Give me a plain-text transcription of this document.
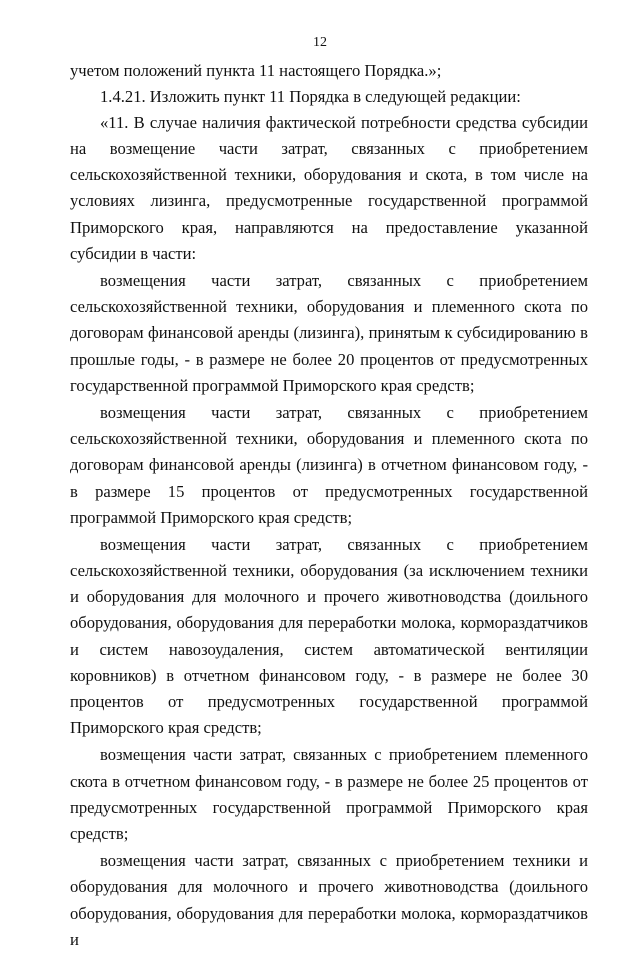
12

учетом положений пункта 11 настоящего Порядка.»;

1.4.21. Изложить пункт 11 Порядка в следующей редакции:

«11. В случае наличия фактической потребности средства субсидии на возмещение части затрат, связанных с приобретением сельскохозяйственной техники, оборудования и скота, в том числе на условиях лизинга, предусмотренные государственной программой Приморского края, направляются на предоставление указанной субсидии в части:

возмещения части затрат, связанных с приобретением сельскохозяйственной техники, оборудования и племенного скота по договорам финансовой аренды (лизинга), принятым к субсидированию в прошлые годы, - в размере не более 20 процентов от предусмотренных государственной программой Приморского края средств;

возмещения части затрат, связанных с приобретением сельскохозяйственной техники, оборудования и племенного скота по договорам финансовой аренды (лизинга) в отчетном финансовом году, - в размере 15 процентов от предусмотренных государственной программой Приморского края средств;

возмещения части затрат, связанных с приобретением сельскохозяйственной техники, оборудования (за исключением техники и оборудования для молочного и прочего животноводства (доильного оборудования, оборудования для переработки молока, кормораздатчиков и систем навозоудаления, систем автоматической вентиляции коровников) в отчетном финансовом году, - в размере не более 30 процентов от предусмотренных государственной программой Приморского края средств;

возмещения части затрат, связанных с приобретением племенного скота в отчетном финансовом году, - в размере не более 25 процентов от предусмотренных государственной программой Приморского края средств;

возмещения части затрат, связанных с приобретением техники и оборудования для молочного и прочего животноводства (доильного оборудования, оборудования для переработки молока, кормораздатчиков и
